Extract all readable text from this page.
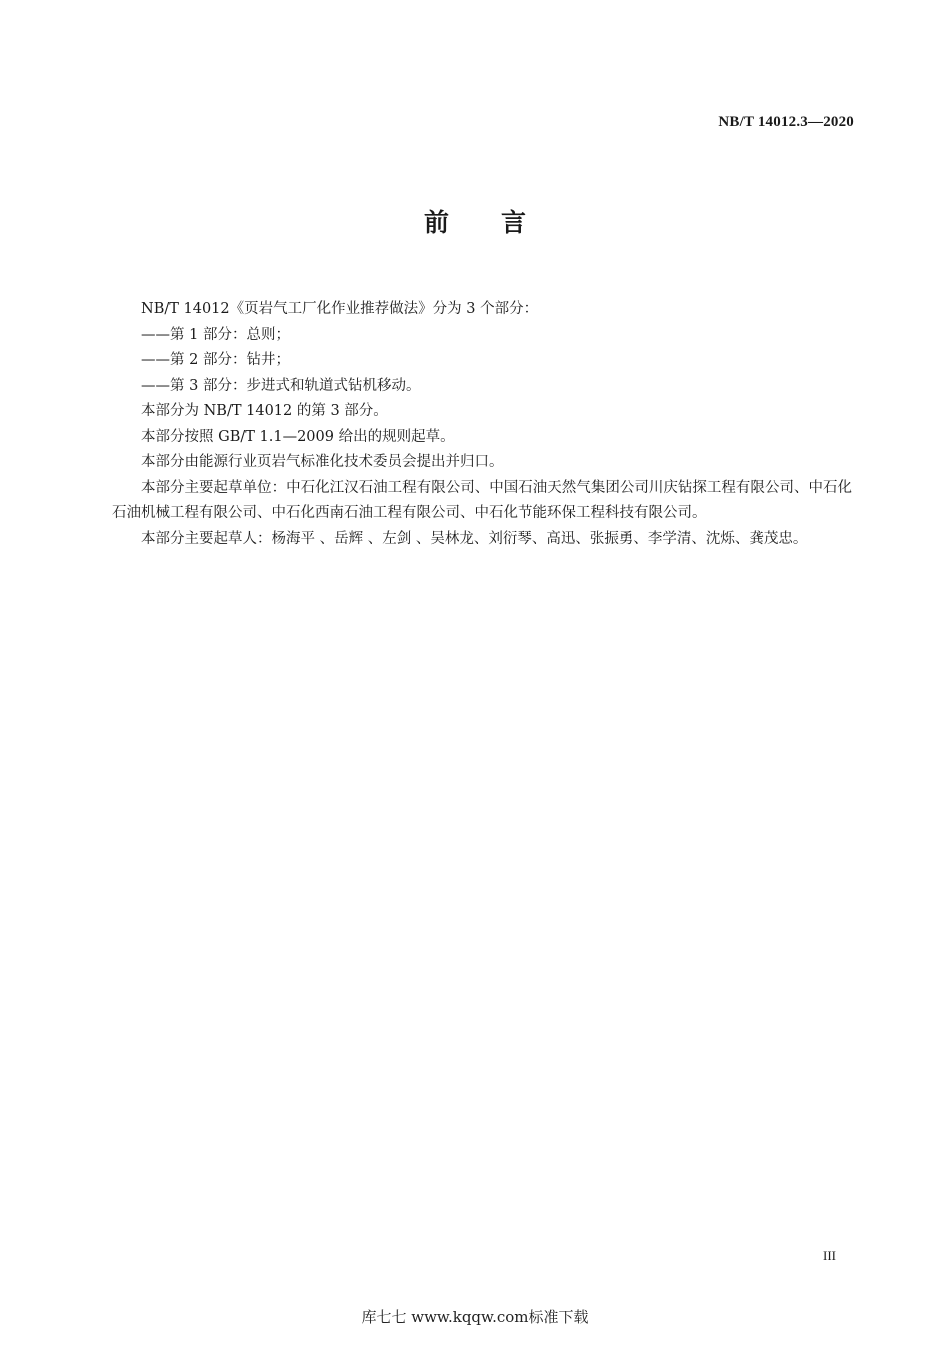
NB/T 14012.3—2020
前 言

NB/T 14012《页岩气工厂化作业推荐做法》分为 3 个部分：

——第 1 部分：总则；

——第 2 部分：钻井；

——第 3 部分：步进式和轨道式钻机移动。

本部分为 NB/T 14012 的第 3 部分。

本部分按照 GB/T 1.1—2009 给出的规则起草。

本部分由能源行业页岩气标准化技术委员会提出并归口。

本部分主要起草单位：中石化江汉石油工程有限公司、中国石油天然气集团公司川庆钻探工程有限公司、中石化石油机械工程有限公司、中石化西南石油工程有限公司、中石化节能环保工程科技有限公司。

本部分主要起草人：杨海平 、岳辉 、左剑 、吴林龙、刘衍琴、高迅、张振勇、李学清、沈烁、龚茂忠。

III
库七七 www.kqqw.com标准下载
